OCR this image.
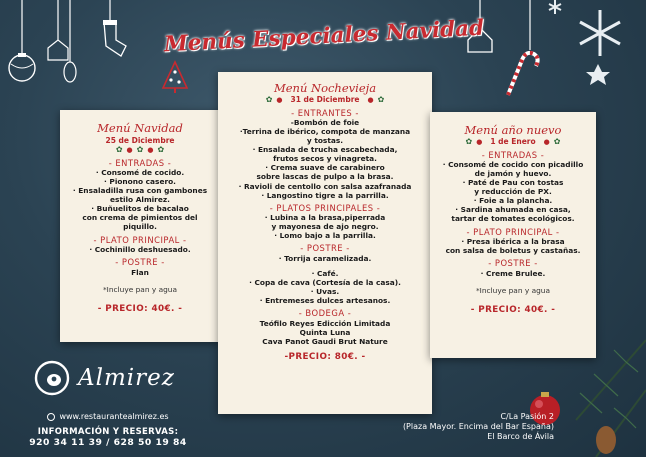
Menús Especiales Navidad
Menú Navidad
25 de Diciembre
✿ ● ✿ ● ✿
- ENTRADAS -
· Consomé de cocido.
· Pionono casero.
· Ensaladilla rusa con gambones
estilo Almirez.
· Buñuelitos de bacalao
con crema de pimientos del piquillo.
- PLATO PRINCIPAL -
· Cochinillo deshuesado.
- POSTRE -
Flan
*Incluye pan y agua
- PRECIO: 40€. -
Menú Nochevieja
✿ ● 31 de Diciembre ● ✿
- ENTRANTES -
-Bombón de foie
·Terrina de ibérico, compota de manzana
y tostas.
· Ensalada de trucha escabechada,
frutos secos y vinagreta.
· Crema suave de carabinero
sobre lascas de pulpo a la brasa.
· Ravioli de centollo con salsa azafranada
· Langostino tigre a la parrilla.
- PLATOS PRINCIPALES -
· Lubina a la brasa,piperrada
y mayonesa de ajo negro.
· Lomo bajo a la parrilla.
- POSTRE -
· Torrija caramelizada.
· Café.
· Copa de cava (Cortesía de la casa).
· Uvas.
· Entremeses dulces artesanos.
- BODEGA -
Teófilo Reyes Edicción Limitada
Quinta Luna
Cava Panot Gaudi Brut Nature
-PRECIO: 80€. -
Menú año nuevo
✿ ● 1 de Enero ● ✿
- ENTRADAS -
· Consomé de cocido con picadillo
de jamón y huevo.
· Paté de Pau con tostas
y reducción de PX.
· Foie a la plancha.
· Sardina ahumada en casa,
tartar de tomates ecológicos.
- PLATO PRINCIPAL -
· Presa ibérica a la brasa
con salsa de boletus y castañas.
- POSTRE -
· Creme Brulee.
*Incluye pan y agua
- PRECIO: 40€. -
Almirez
www.restaurantealmirez.es
INFORMACIÓN Y RESERVAS:
920 34 11 39 / 628 50 19 84
C/La Pasión 2
(Plaza Mayor. Encima del Bar España)
El Barco de Ávila
